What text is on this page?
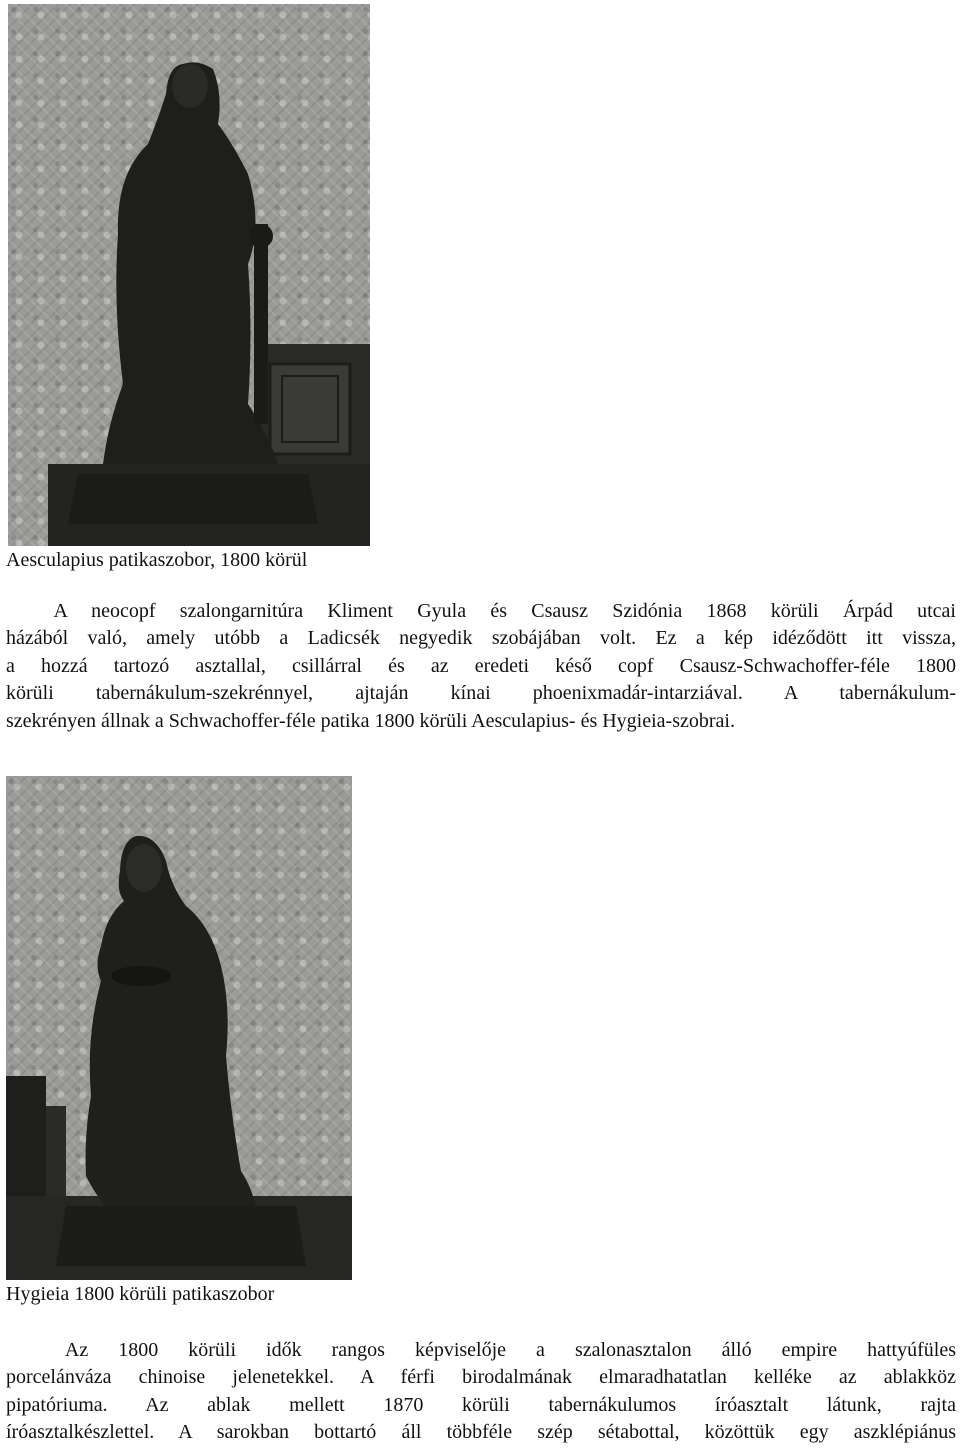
Aesculapius patikaszobor, 1800 körül
A neocopf szalongarnitúra Kliment Gyula és Csausz Szidónia 1868 körüli Árpád utcai
házából való, amely utóbb a Ladicsék negyedik szobájában volt. Ez a kép idéződött itt vissza,
a hozzá tartozó asztallal, csillárral és az eredeti késő copf Csausz-Schwachoffer-féle 1800
körüli tabernákulum-szekrénnyel, ajtaján kínai phoenixmadár-intarziával. A tabernákulum-
szekrényen állnak a Schwachoffer-féle patika 1800 körüli Aesculapius- és Hygieia-szobrai.
Hygieia 1800 körüli patikaszobor
Az 1800 körüli idők rangos képviselője a szalonasztalon álló empire hattyúfüles
porcelánváza chinoise jelenetekkel. A férfi birodalmának elmaradhatatlan kelléke az ablakköz
pipatóriuma. Az ablak mellett 1870 körüli tabernákulumos íróasztalt látunk, rajta
íróasztalkészlettel. A sarokban bottartó áll többféle szép sétabottal, közöttük egy aszklépiánus
